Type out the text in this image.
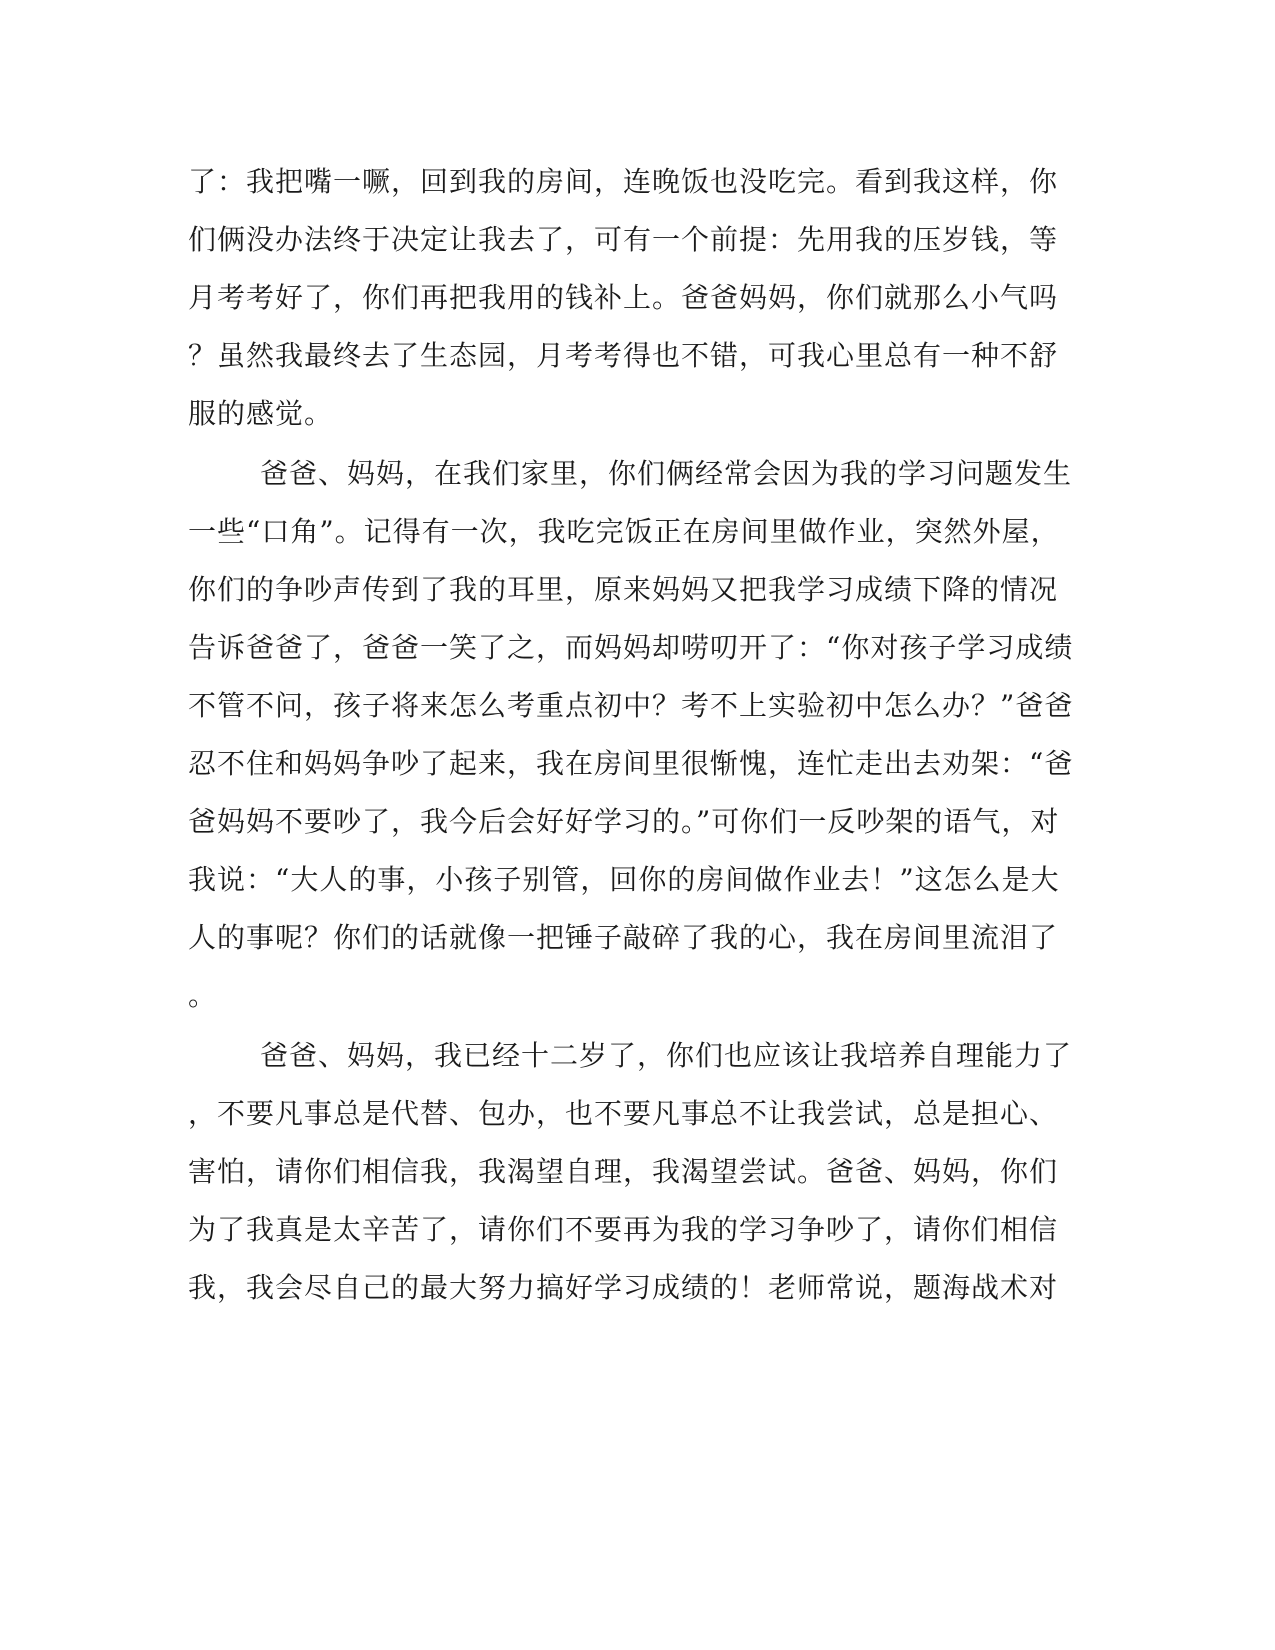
了：我把嘴一噘，回到我的房间，连晚饭也没吃完。看到我这样，你
们俩没办法终于决定让我去了，可有一个前提：先用我的压岁钱，等
月考考好了，你们再把我用的钱补上。爸爸妈妈，你们就那么小气吗
？虽然我最终去了生态园，月考考得也不错，可我心里总有一种不舒
服的感觉。
爸爸、妈妈，在我们家里，你们俩经常会因为我的学习问题发生
一些“口角”。记得有一次，我吃完饭正在房间里做作业，突然外屋，
你们的争吵声传到了我的耳里，原来妈妈又把我学习成绩下降的情况
告诉爸爸了，爸爸一笑了之，而妈妈却唠叨开了：“你对孩子学习成绩
不管不问，孩子将来怎么考重点初中？考不上实验初中怎么办？”爸爸
忍不住和妈妈争吵了起来，我在房间里很惭愧，连忙走出去劝架：“爸
爸妈妈不要吵了，我今后会好好学习的。”可你们一反吵架的语气，对
我说：“大人的事，小孩子别管，回你的房间做作业去！”这怎么是大
人的事呢？你们的话就像一把锤子敲碎了我的心，我在房间里流泪了
。
爸爸、妈妈，我已经十二岁了，你们也应该让我培养自理能力了
，不要凡事总是代替、包办，也不要凡事总不让我尝试，总是担心、
害怕，请你们相信我，我渴望自理，我渴望尝试。爸爸、妈妈，你们
为了我真是太辛苦了，请你们不要再为我的学习争吵了，请你们相信
我，我会尽自己的最大努力搞好学习成绩的！老师常说，题海战术对
